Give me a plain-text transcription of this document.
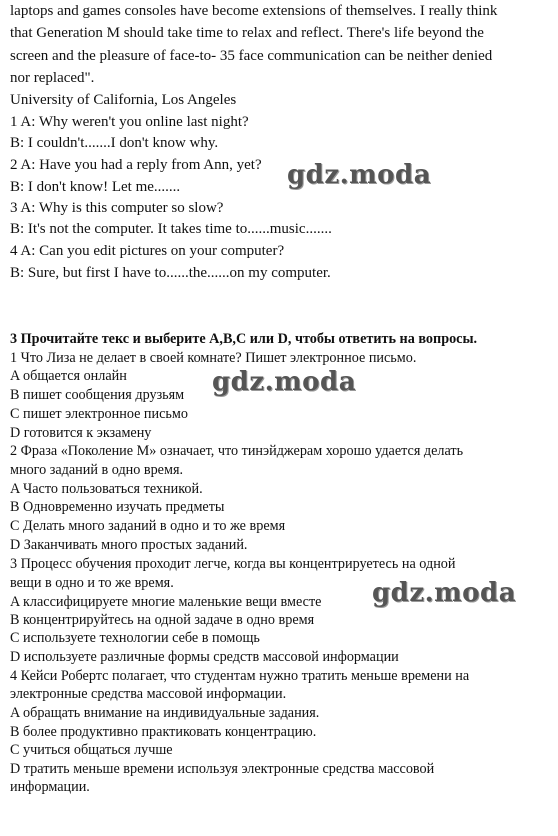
laptops and games consoles have become extensions of themselves. I really think
that Generation M should take time to relax and reflect. There's life beyond the
screen and the pleasure of face-to- 35 face communication can be neither denied
nor replaced".
University of California, Los Angeles
1 A: Why weren't you online last night?
B: I couldn't.......I don't know why.
2 A: Have you had a reply from Ann, yet?
B: I don't know! Let me.......
3 A: Why is this computer so slow?
B: It's not the computer. It takes time to......music.......
4 A: Can you edit pictures on your computer?
B: Sure, but first I have to......the......on my computer.
3 Прочитайте текс и выберите A,B,C или D, чтобы ответить на вопросы.
1 Что Лиза не делает в своей комнате? Пишет электронное письмо.
A общается онлайн
B пишет сообщения друзьям
C пишет электронное письмо
D готовится к экзамену
2 Фраза «Поколение М» означает, что тинэйджерам хорошо удается делать
много заданий в одно время.
A Часто пользоваться техникой.
B Одновременно изучать предметы
C Делать много заданий в одно и то же время
D Заканчивать много простых заданий.
3 Процесс обучения проходит легче, когда вы концентрируетесь на одной
вещи в одно и то же время.
A классифицируете многие маленькие вещи вместе
B концентрируйтесь на одной задаче в одно время
C используете технологии себе в помощь
D используете различные формы средств массовой информации
4 Кейси Робертс полагает, что студентам нужно тратить меньше времени на
электронные средства массовой информации.
A обращать внимание на индивидуальные задания.
B более продуктивно практиковать концентрацию.
C учиться общаться лучше
D тратить меньше времени используя электронные средства массовой
информации.
gdz.moda
gdz.moda
gdz.moda
